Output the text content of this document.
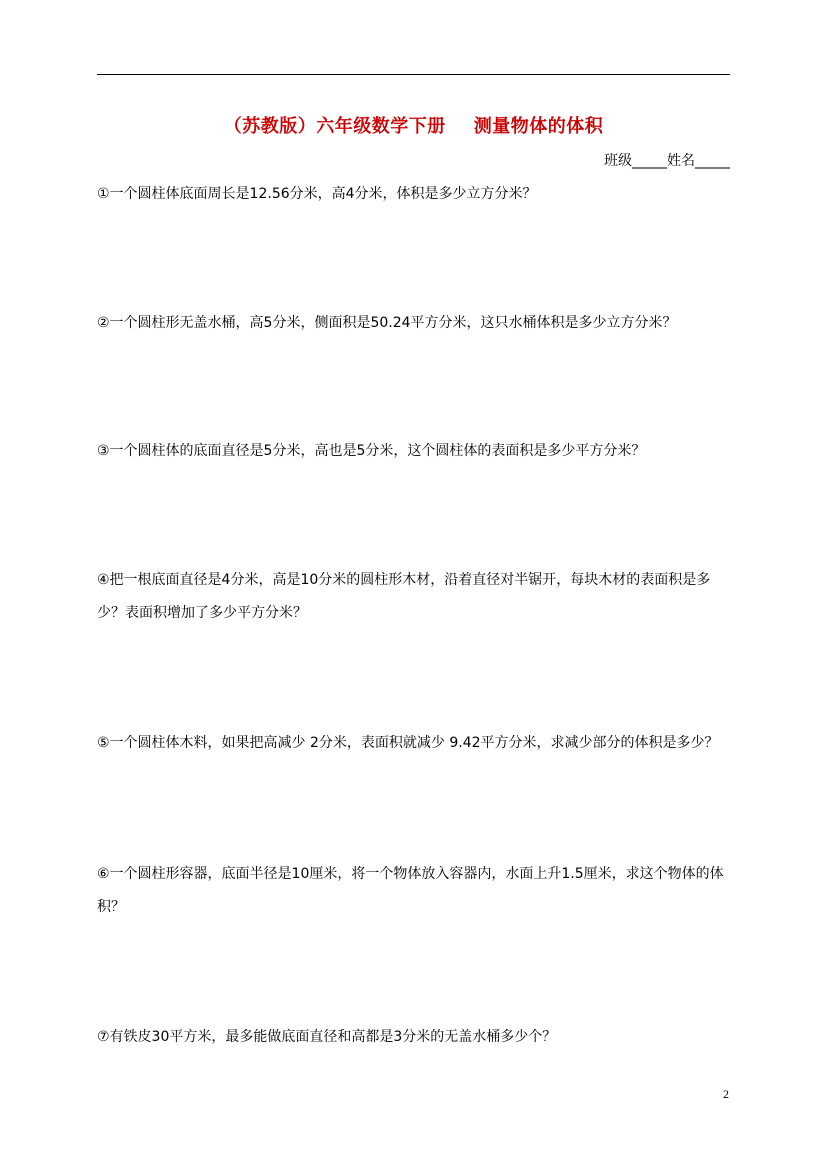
（苏教版）六年级数学下册 测量物体的体积
班级_____姓名_____
①一个圆柱体底面周长是12.56分米，高4分米，体积是多少立方分米？
②一个圆柱形无盖水桶，高5分米，侧面积是50.24平方分米，这只水桶体积是多少立方分米？
③一个圆柱体的底面直径是5分米，高也是5分米，这个圆柱体的表面积是多少平方分米？
④把一根底面直径是4分米，高是10分米的圆柱形木材，沿着直径对半锯开，每块木材的表面积是多少？表面积增加了多少平方分米？
⑤一个圆柱体木料，如果把高减少 2分米，表面积就减少 9.42平方分米，求减少部分的体积是多少？
⑥一个圆柱形容器，底面半径是10厘米，将一个物体放入容器内，水面上升1.5厘米，求这个物体的体积？
⑦有铁皮30平方米，最多能做底面直径和高都是3分米的无盖水桶多少个？
2
